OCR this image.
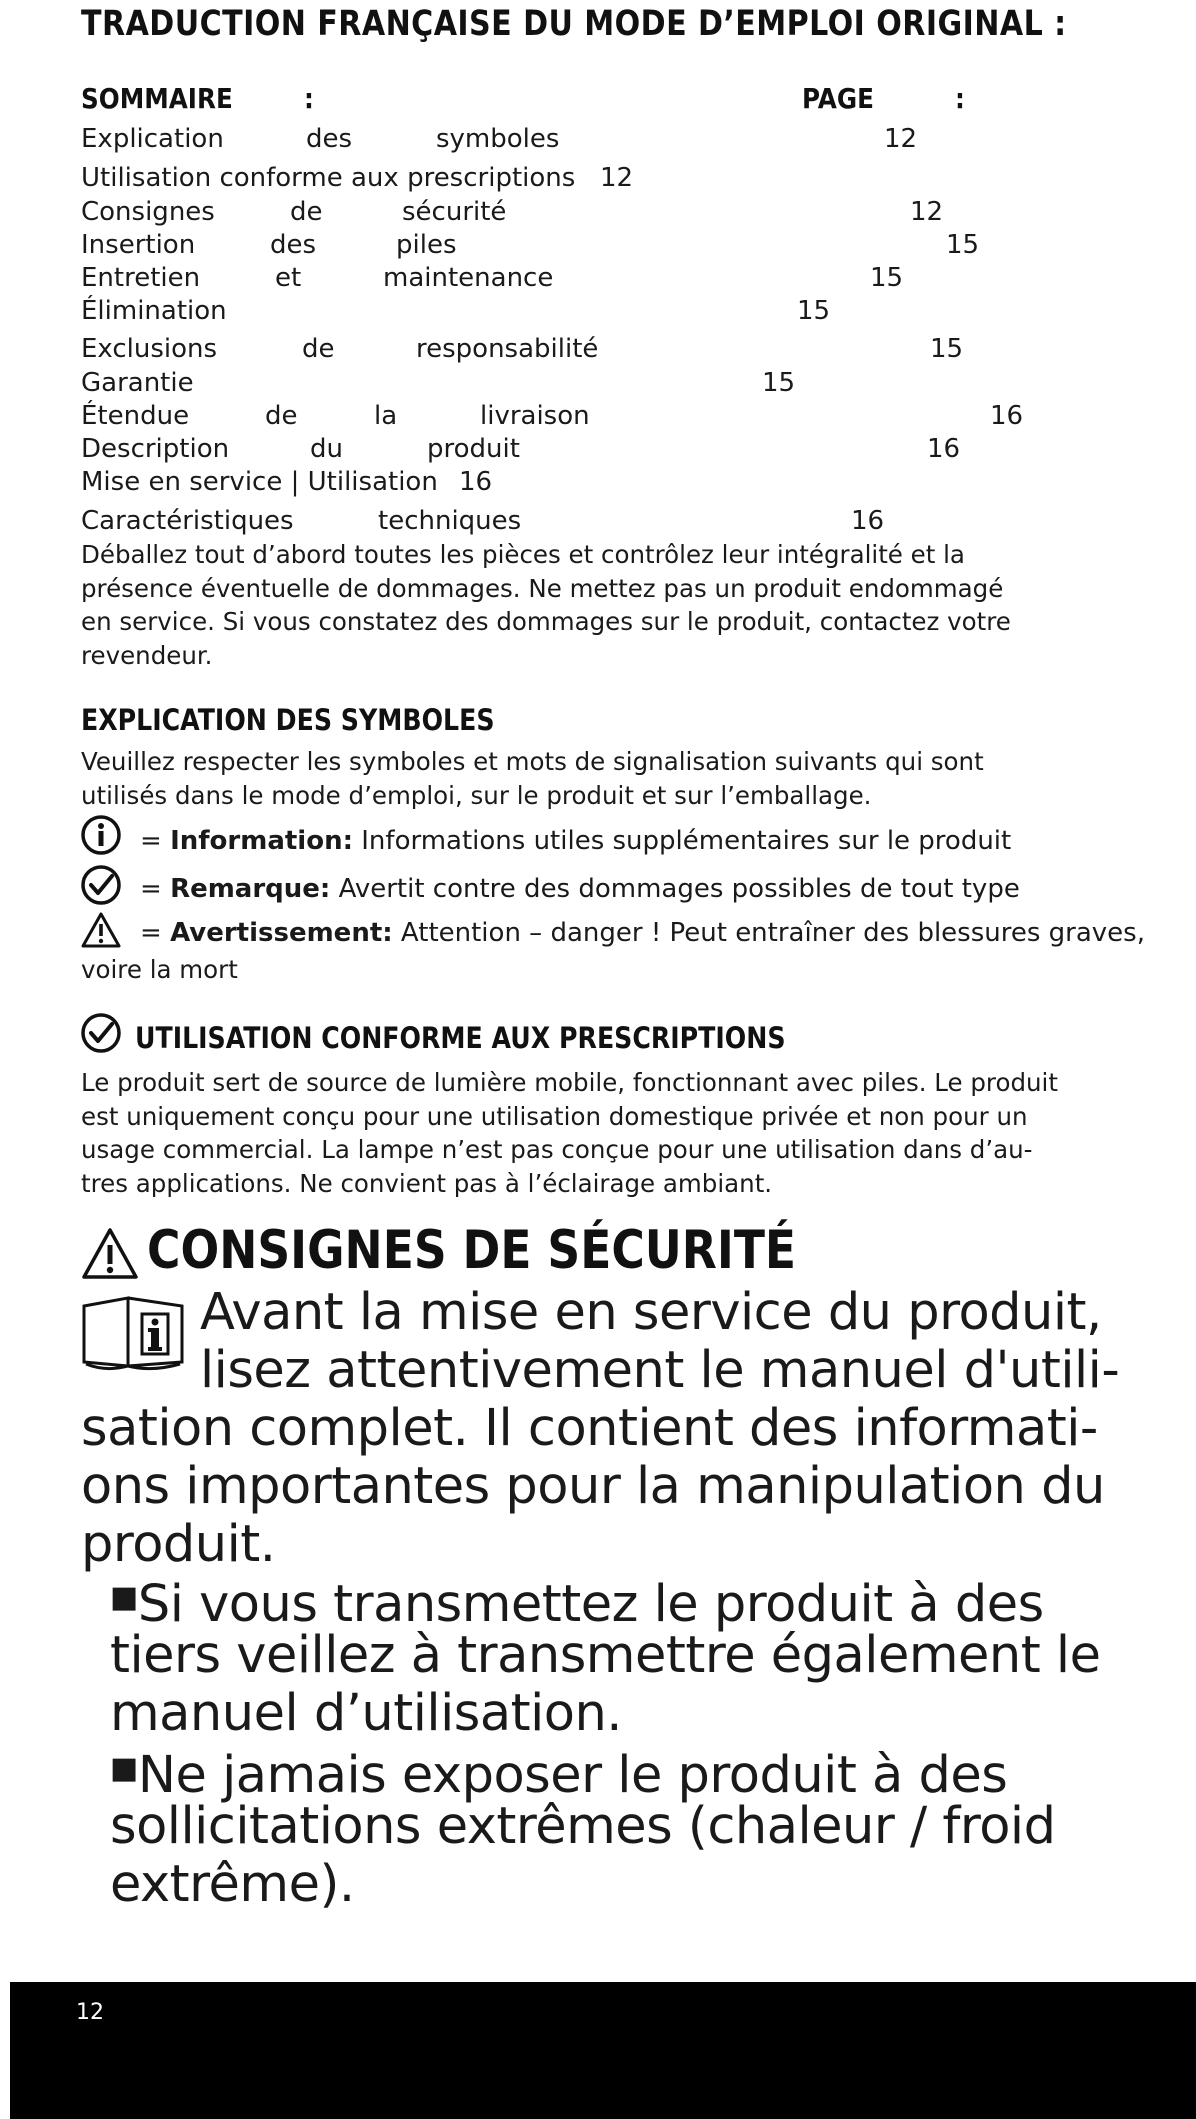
TRADUCTION FRANÇAISE DU MODE D’EMPLOI ORIGINAL :
SOMMAIRE	:	PAGE	:
Explication	des	symboles	12
Utilisation conforme aux prescriptions 12
Consignes	de	sécurité	12
Insertion	des	piles	15
Entretien	et	maintenance	15
Élimination	15
Exclusions	de	responsabilité	15
Garantie	15
Étendue	de	la	livraison	16
Description	du	produit	16
Mise en service | Utilisation 16
Caractéristiques	techniques	16
Déballez tout d’abord toutes les pièces et contrôlez leur intégralité et la
présence éventuelle de dommages. Ne mettez pas un produit endommagé
en service. Si vous constatez des dommages sur le produit, contactez votre
revendeur.
EXPLICATION DES SYMBOLES
Veuillez respecter les symboles et mots de signalisation suivants qui sont
utilisés dans le mode d’emploi, sur le produit et sur l’emballage.
= Information: Informations utiles supplémentaires sur le produit
= Remarque: Avertit contre des dommages possibles de tout type
= Avertissement: Attention – danger ! Peut entraîner des blessures graves,
voire la mort
UTILISATION CONFORME AUX PRESCRIPTIONS
Le produit sert de source de lumière mobile, fonctionnant avec piles. Le produit
est uniquement conçu pour une utilisation domestique privée et non pour un
usage commercial. La lampe n’est pas conçue pour une utilisation dans d’au-
tres applications. Ne convient pas à l’éclairage ambiant.
CONSIGNES DE SÉCURITÉ
Avant la mise en service du produit,
lisez attentivement le manuel d'utili-
sation complet. Il contient des informati-
ons importantes pour la manipulation du
produit.
■Si vous transmettez le produit à des
tiers veillez à transmettre également le
manuel d’utilisation.
■Ne jamais exposer le produit à des
sollicitations extrêmes (chaleur / froid
extrême).
12
